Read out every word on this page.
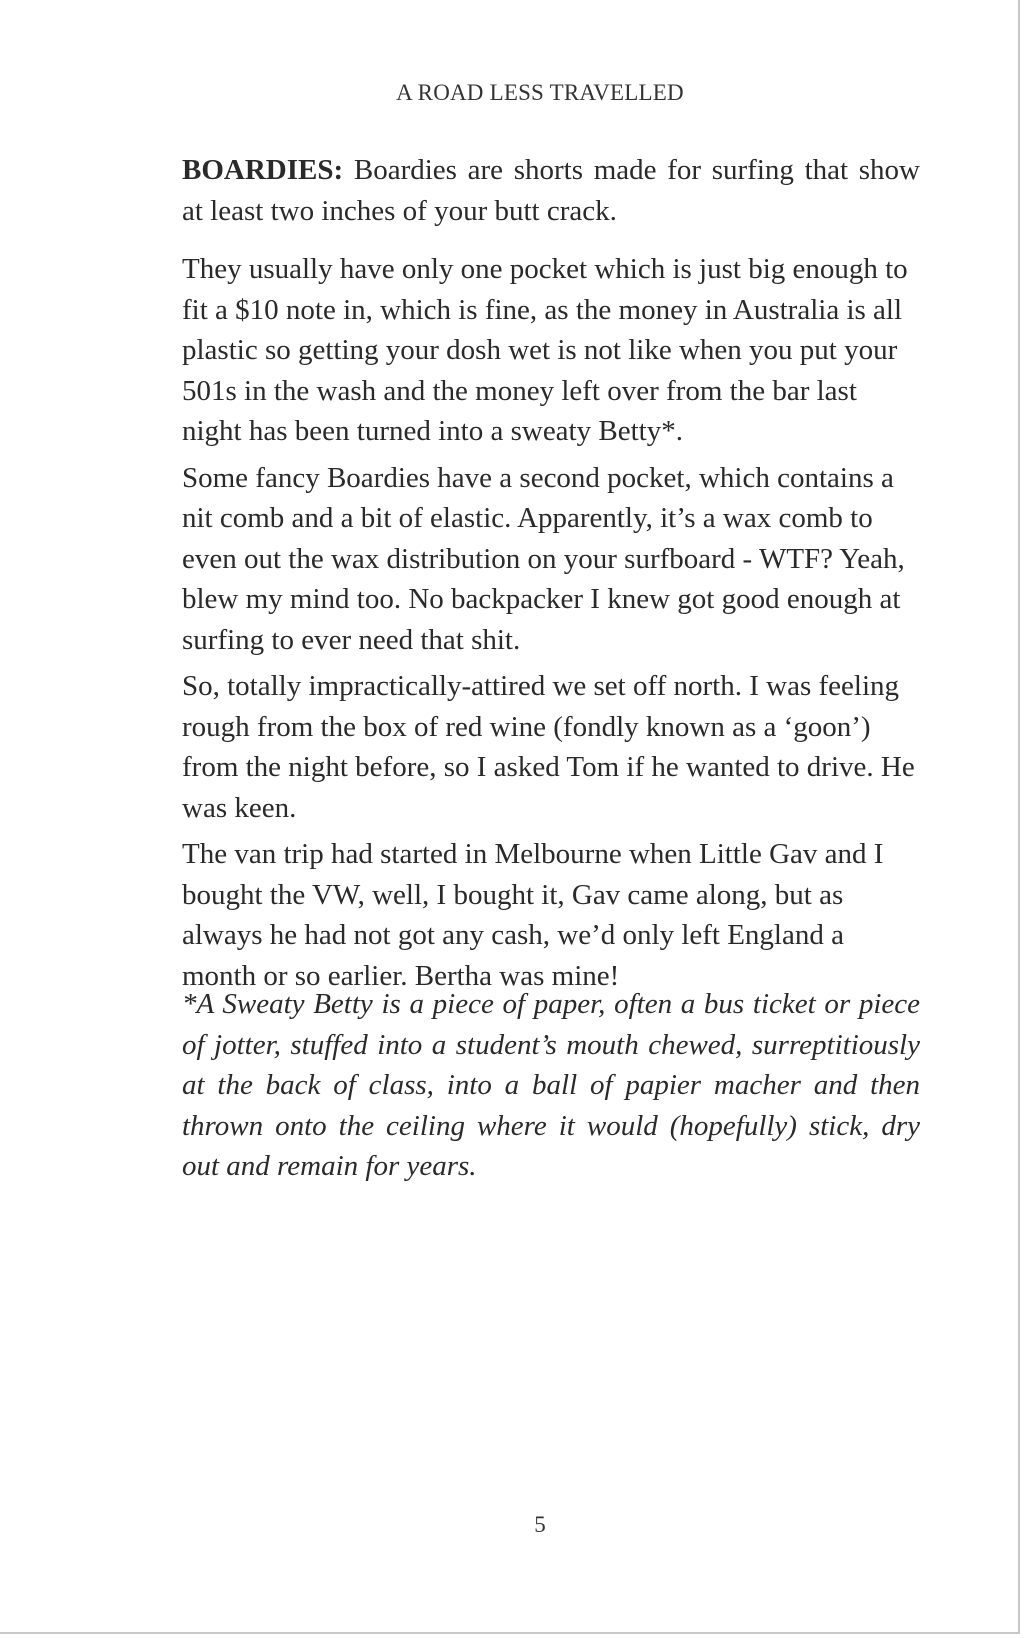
A ROAD LESS TRAVELLED

BOARDIES: Boardies are shorts made for surfing that show at least two inches of your butt crack.

They usually have only one pocket which is just big enough to fit a $10 note in, which is fine, as the money in Australia is all plastic so getting your dosh wet is not like when you put your 501s in the wash and the money left over from the bar last night has been turned into a sweaty Betty*.

Some fancy Boardies have a second pocket, which contains a nit comb and a bit of elastic. Apparently, it’s a wax comb to even out the wax distribution on your surfboard - WTF? Yeah, blew my mind too. No backpacker I knew got good enough at surfing to ever need that shit.

So, totally impractically-attired we set off north. I was feeling rough from the box of red wine (fondly known as a ‘goon’) from the night before, so I asked Tom if he wanted to drive. He was keen.

The van trip had started in Melbourne when Little Gav and I bought the VW, well, I bought it, Gav came along, but as always he had not got any cash, we’d only left England a month or so earlier. Bertha was mine!

*A Sweaty Betty is a piece of paper, often a bus ticket or piece of jotter, stuffed into a student’s mouth chewed, surreptitiously at the back of class, into a ball of papier macher and then thrown onto the ceiling where it would (hopefully) stick, dry out and remain for years.

5
